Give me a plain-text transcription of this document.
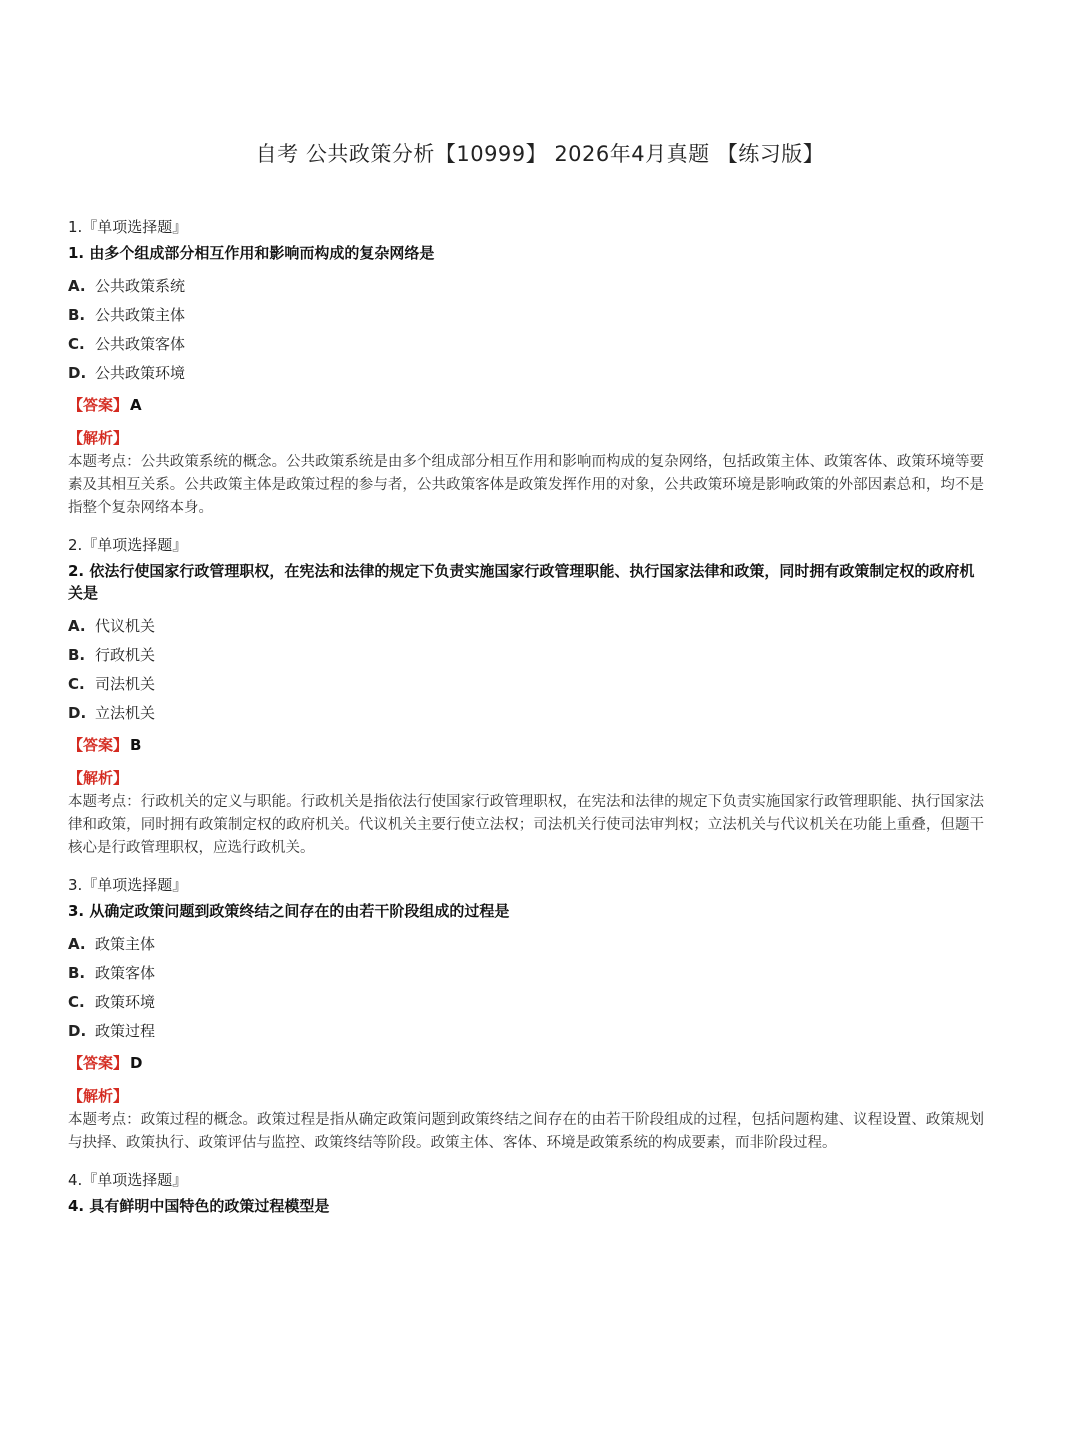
自考 公共政策分析【10999】 2026年4月真题 【练习版】
1.『单项选择题』
1. 由多个组成部分相互作用和影响而构成的复杂网络是
A. 公共政策系统
B. 公共政策主体
C. 公共政策客体
D. 公共政策环境
【答案】 A
【解析】
本题考点：公共政策系统的概念。公共政策系统是由多个组成部分相互作用和影响而构成的复杂网络，包括政策主体、政策客体、政策环境等要素及其相互关系。公共政策主体是政策过程的参与者，公共政策客体是政策发挥作用的对象，公共政策环境是影响政策的外部因素总和，均不是指整个复杂网络本身。
2.『单项选择题』
2. 依法行使国家行政管理职权，在宪法和法律的规定下负责实施国家行政管理职能、执行国家法律和政策，同时拥有政策制定权的政府机关是
A. 代议机关
B. 行政机关
C. 司法机关
D. 立法机关
【答案】 B
【解析】
本题考点：行政机关的定义与职能。行政机关是指依法行使国家行政管理职权，在宪法和法律的规定下负责实施国家行政管理职能、执行国家法律和政策，同时拥有政策制定权的政府机关。代议机关主要行使立法权；司法机关行使司法审判权；立法机关与代议机关在功能上重叠，但题干核心是行政管理职权，应选行政机关。
3.『单项选择题』
3. 从确定政策问题到政策终结之间存在的由若干阶段组成的过程是
A. 政策主体
B. 政策客体
C. 政策环境
D. 政策过程
【答案】 D
【解析】
本题考点：政策过程的概念。政策过程是指从确定政策问题到政策终结之间存在的由若干阶段组成的过程，包括问题构建、议程设置、政策规划与抉择、政策执行、政策评估与监控、政策终结等阶段。政策主体、客体、环境是政策系统的构成要素，而非阶段过程。
4.『单项选择题』
4. 具有鲜明中国特色的政策过程模型是
